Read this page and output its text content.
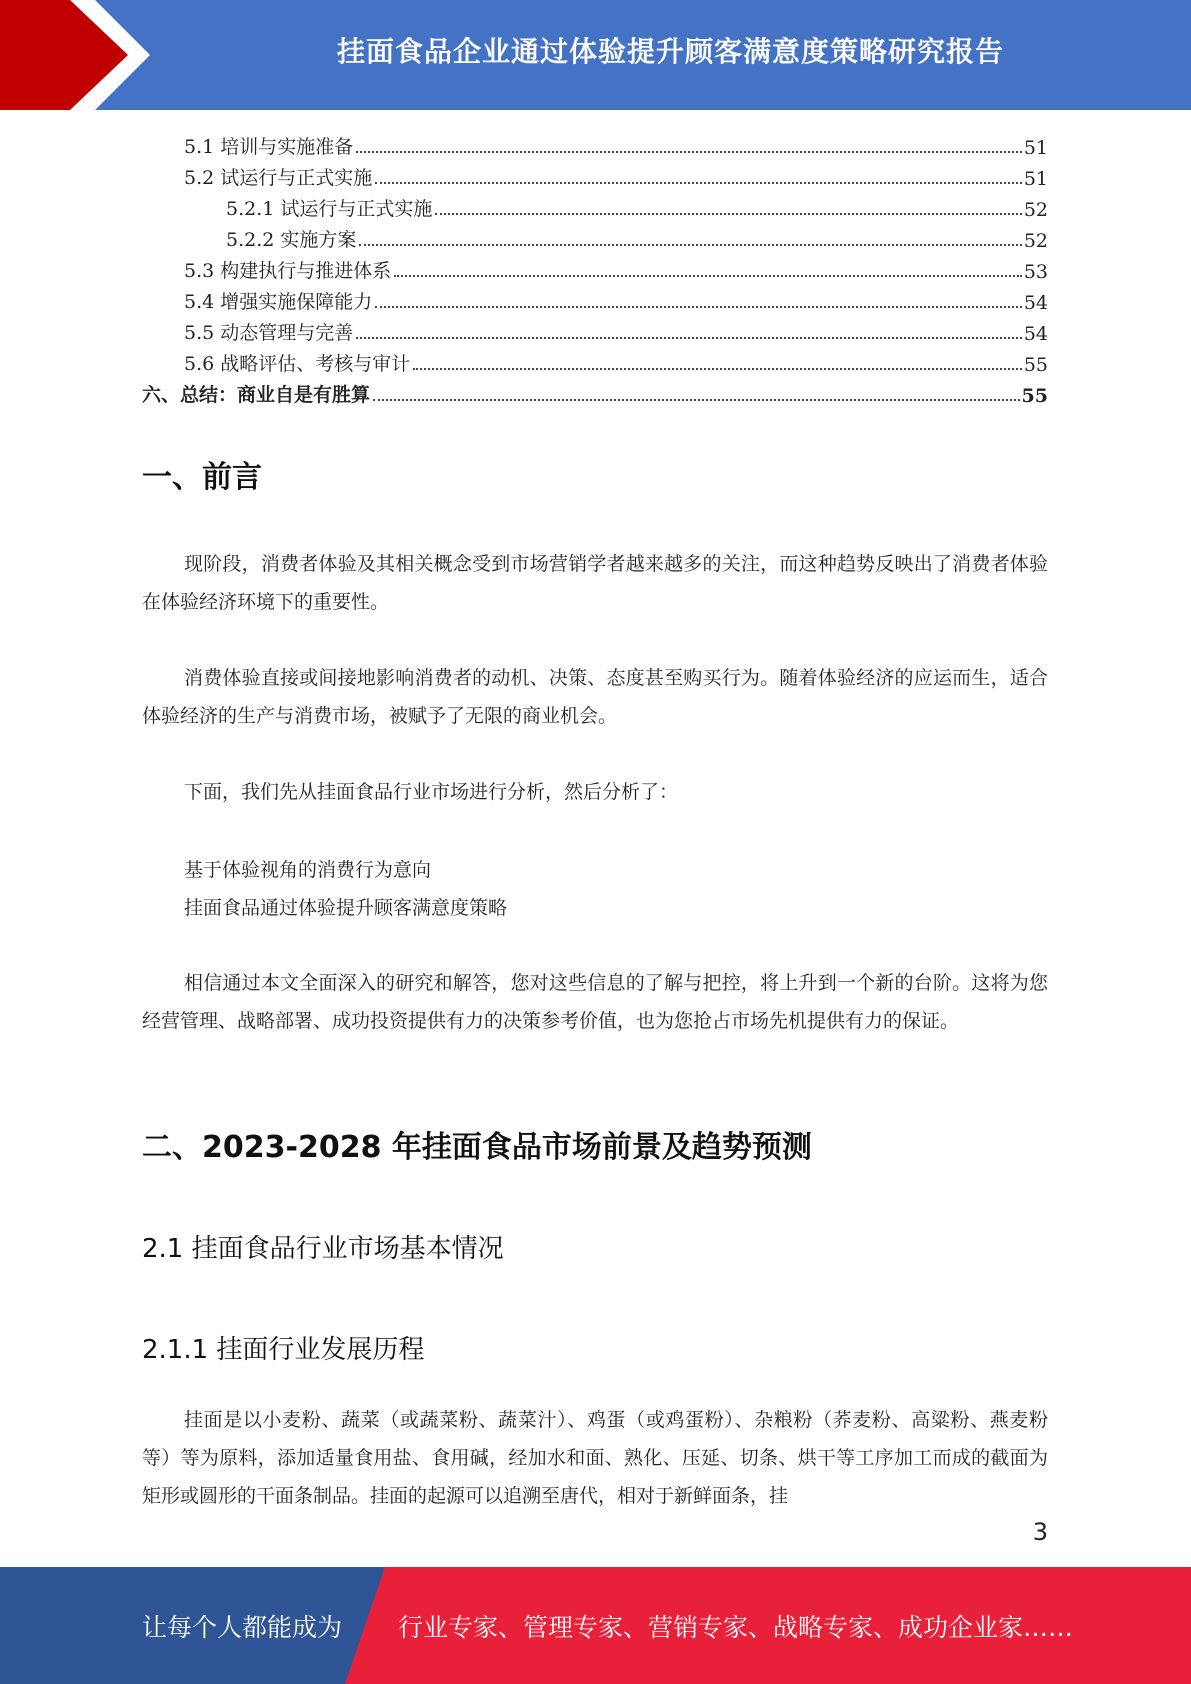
挂面食品企业通过体验提升顾客满意度策略研究报告
5.1 培训与实施准备	51
5.2 试运行与正式实施	51
5.2.1 试运行与正式实施	52
5.2.2 实施方案	52
5.3 构建执行与推进体系	53
5.4 增强实施保障能力	54
5.5 动态管理与完善	54
5.6 战略评估、考核与审计	55
六、总结：商业自是有胜算	55
一、前言

现阶段，消费者体验及其相关概念受到市场营销学者越来越多的关注，而这种趋势反映出了消费者体验在体验经济环境下的重要性。

消费体验直接或间接地影响消费者的动机、决策、态度甚至购买行为。随着体验经济的应运而生，适合体验经济的生产与消费市场，被赋予了无限的商业机会。

下面，我们先从挂面食品行业市场进行分析，然后分析了：

基于体验视角的消费行为意向
挂面食品通过体验提升顾客满意度策略

相信通过本文全面深入的研究和解答，您对这些信息的了解与把控，将上升到一个新的台阶。这将为您经营管理、战略部署、成功投资提供有力的决策参考价值，也为您抢占市场先机提供有力的保证。

二、2023-2028 年挂面食品市场前景及趋势预测
2.1 挂面食品行业市场基本情况
2.1.1 挂面行业发展历程

挂面是以小麦粉、蔬菜（或蔬菜粉、蔬菜汁）、鸡蛋（或鸡蛋粉）、杂粮粉（荞麦粉、高粱粉、燕麦粉等）等为原料，添加适量食用盐、食用碱，经加水和面、熟化、压延、切条、烘干等工序加工而成的截面为矩形或圆形的干面条制品。挂面的起源可以追溯至唐代，相对于新鲜面条，挂

3
让每个人都能成为 行业专家、管理专家、营销专家、战略专家、成功企业家……
